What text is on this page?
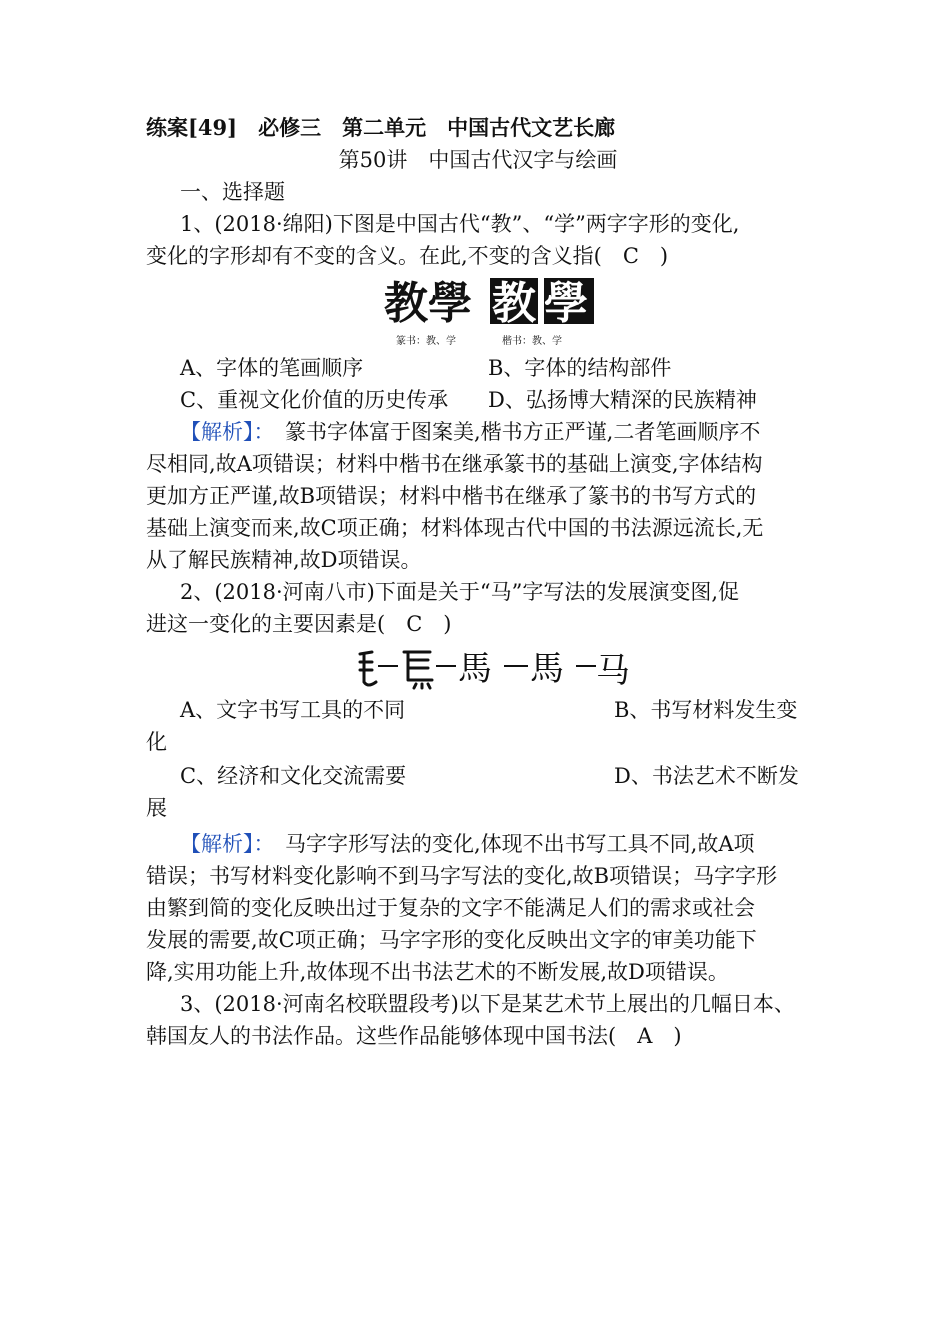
练案[49]　必修三　第二单元　中国古代文艺长廊
第50讲　中国古代汉字与绘画
一、选择题
1、(2018·绵阳)下图是中国古代“教”、“学”两字字形的变化,
变化的字形却有不变的含义。在此,不变的含义指(　C　)
教學 教學
篆书：教、学	楷书：教、学
A、字体的笔画顺序	B、字体的结构部件
C、重视文化价值的历史传承 D、弘扬博大精深的民族精神
【解析】：　篆书字体富于图案美,楷书方正严谨,二者笔画顺序不
尽相同,故A项错误；材料中楷书在继承篆书的基础上演变,字体结构
更加方正严谨,故B项错误；材料中楷书在继承了篆书的书写方式的
基础上演变而来,故C项正确；材料体现古代中国的书法源远流长,无
从了解民族精神,故D项错误。
2、(2018·河南八市)下面是关于“马”字写法的发展演变图,促
进这一变化的主要因素是(　C　)
馬 馬 马
A、文字书写工具的不同	B、书写材料发生变
化
C、经济和文化交流需要	D、书法艺术不断发
展
【解析】：　马字字形写法的变化,体现不出书写工具不同,故A项
错误；书写材料变化影响不到马字写法的变化,故B项错误；马字字形
由繁到简的变化反映出过于复杂的文字不能满足人们的需求或社会
发展的需要,故C项正确；马字字形的变化反映出文字的审美功能下
降,实用功能上升,故体现不出书法艺术的不断发展,故D项错误。
3、(2018·河南名校联盟段考)以下是某艺术节上展出的几幅日本、
韩国友人的书法作品。这些作品能够体现中国书法(　A　)
